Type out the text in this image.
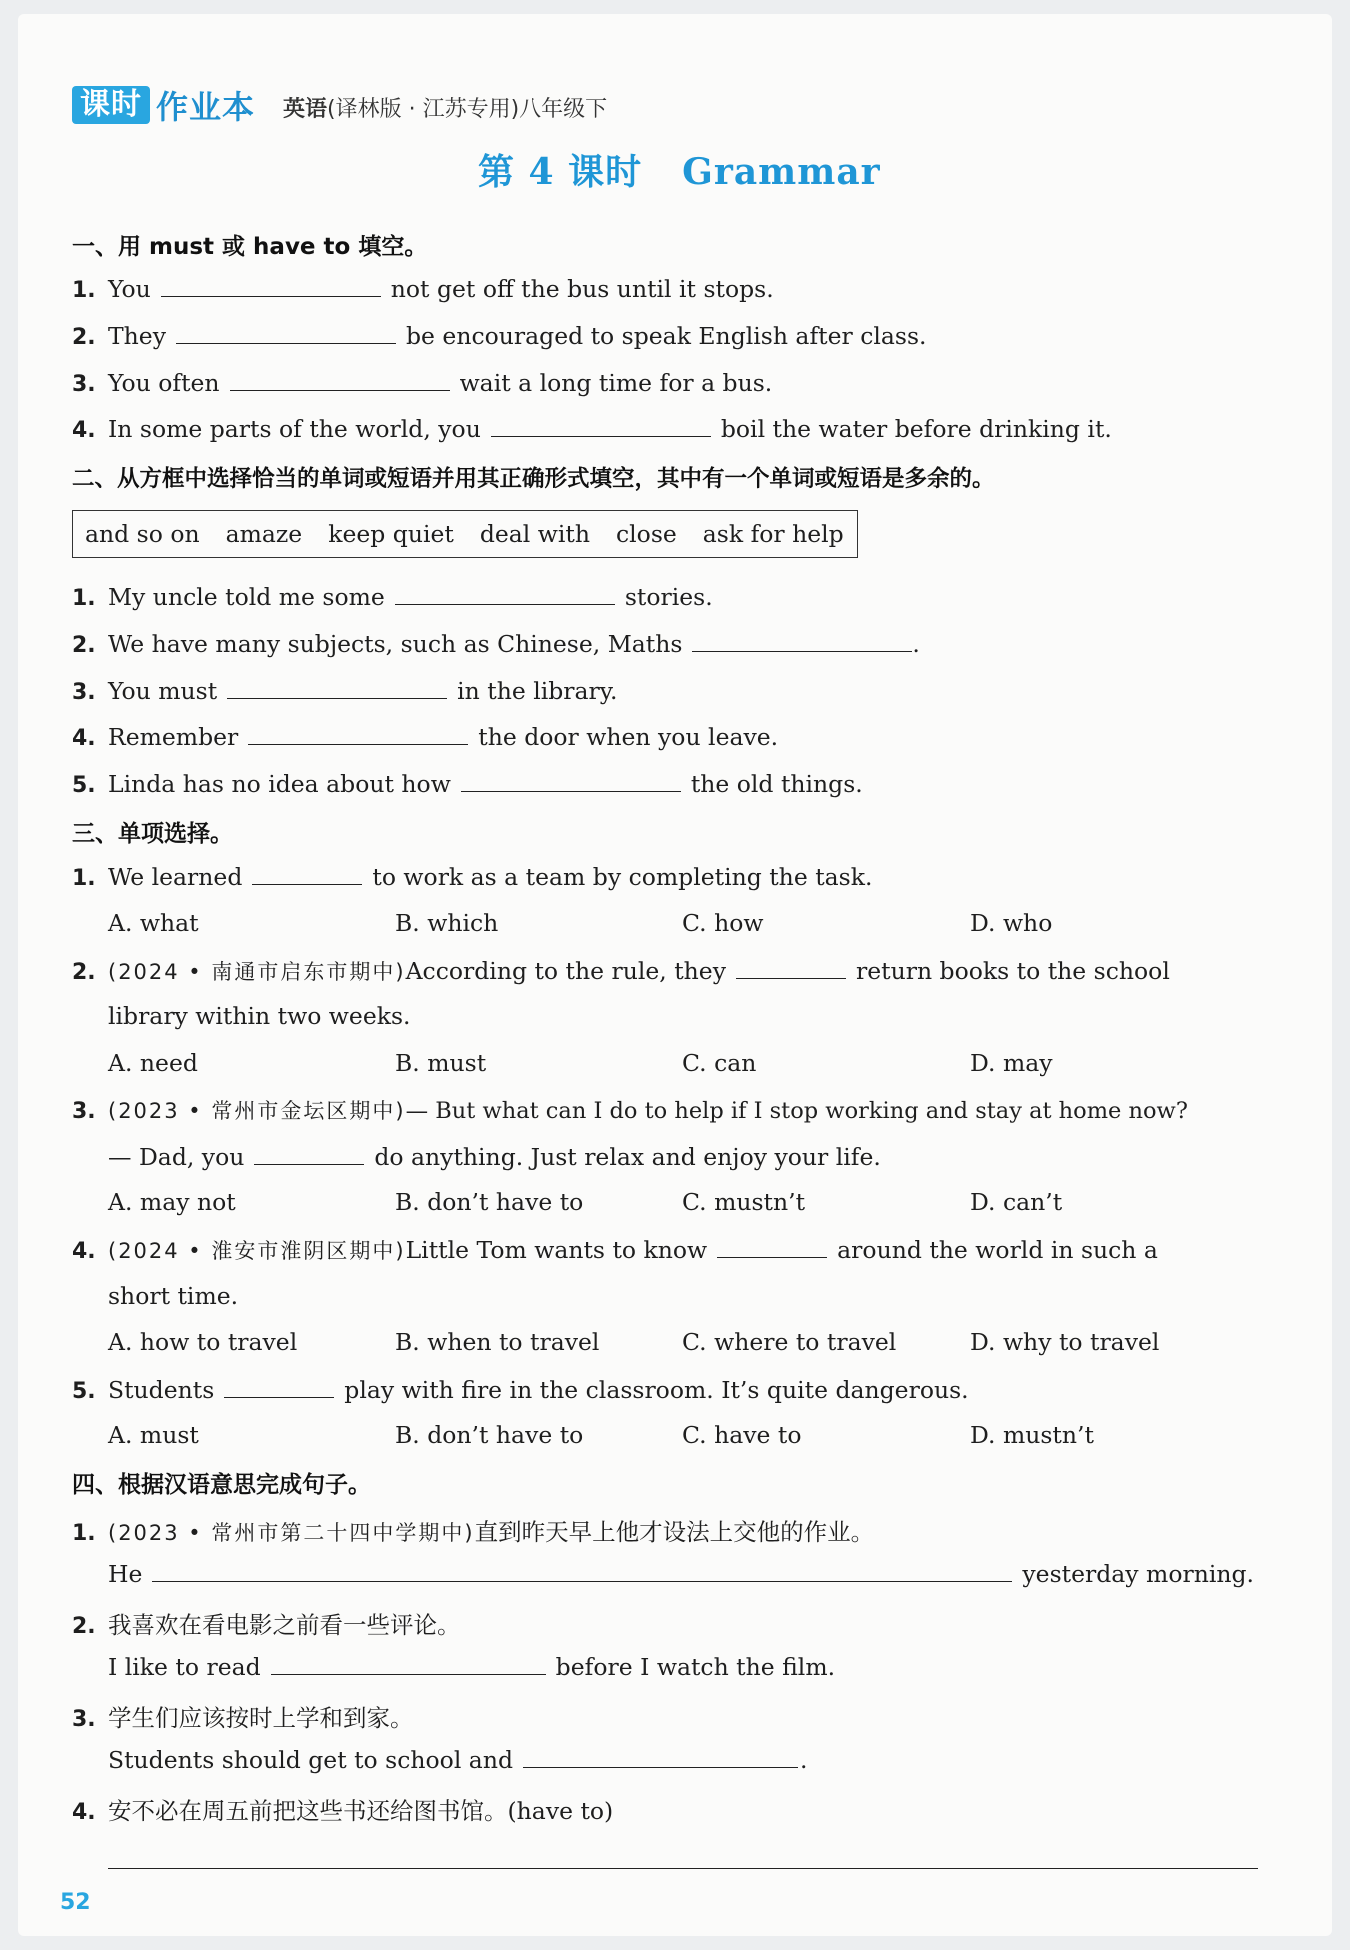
课时 作业本 英语(译林版 · 江苏专用)八年级下
第 4 课时 Grammar
一、用 must 或 have to 填空。
1. You	not get off the bus until it stops.
2. They	be encouraged to speak English after class.
3. You often	wait a long time for a bus.
4. In some parts of the world, you	boil the water before drinking it.
二、从方框中选择恰当的单词或短语并用其正确形式填空，其中有一个单词或短语是多余的。
and so on amaze keep quiet deal with close ask for help
1. My uncle told me some	stories.
2. We have many subjects, such as Chinese, Maths	.
3. You must	in the library.
4. Remember	the door when you leave.
5. Linda has no idea about how	the old things.
三、单项选择。
1. We learned	to work as a team by completing the task.
A. what	B. which	C. how	D. who
2. (2024 • 南通市启东市期中)According to the rule, they	return books to the school
library within two weeks.
A. need	B. must	C. can	D. may
3. (2023 • 常州市金坛区期中)— But what can I do to help if I stop working and stay at home now?
— Dad, you	do anything. Just relax and enjoy your life.
A. may not	B. don’t have to	C. mustn’t	D. can’t
4. (2024 • 淮安市淮阴区期中)Little Tom wants to know	around the world in such a
short time.
A. how to travel	B. when to travel	C. where to travel	D. why to travel
5. Students	play with fire in the classroom. It’s quite dangerous.
A. must	B. don’t have to	C. have to	D. mustn’t
四、根据汉语意思完成句子。
1. (2023 • 常州市第二十四中学期中)直到昨天早上他才设法上交他的作业。
He	yesterday morning.
2. 我喜欢在看电影之前看一些评论。
I like to read	before I watch the film.
3. 学生们应该按时上学和到家。
Students should get to school and	.
4. 安不必在周五前把这些书还给图书馆。(have to)
52
